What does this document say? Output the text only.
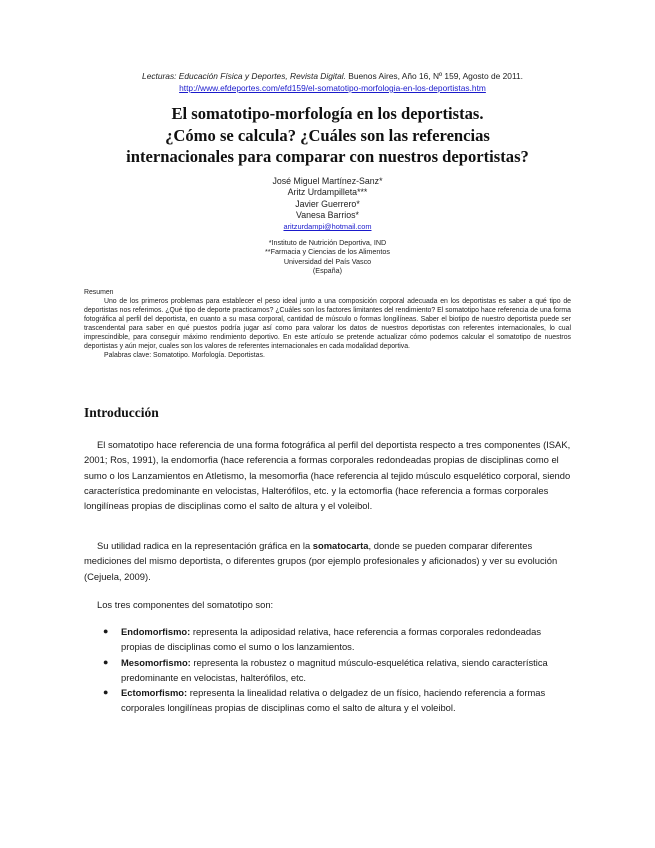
Lecturas: Educación Física y Deportes, Revista Digital. Buenos Aires, Año 16, Nº 159, Agosto de 2011. http://www.efdeportes.com/efd159/el-somatotipo-morfologia-en-los-deportistas.htm
El somatotipo-morfología en los deportistas.
¿Cómo se calcula? ¿Cuáles son las referencias
internacionales para comparar con nuestros deportistas?
José Miguel Martínez-Sanz*
Aritz Urdampilleta***
Javier Guerrero*
Vanesa Barrios*
aritzurdampi@hotmail.com
*Instituto de Nutrición Deportiva, IND
**Farmacia y Ciencias de los Alimentos
Universidad del País Vasco
(España)

Resumen

Uno de los primeros problemas para establecer el peso ideal junto a una composición corporal adecuada en los deportistas es saber a qué tipo de deportistas nos referimos. ¿Qué tipo de deporte practicamos? ¿Cuáles son los factores limitantes del rendimiento? El somatotipo hace referencia de una forma fotográfica al perfil del deportista, en cuanto a su masa corporal, cantidad de músculo o formas longilíneas. Saber el biotipo de nuestro deportista puede ser trascendental para saber en qué puestos podría jugar así como para valorar los datos de nuestros deportistas con referentes internacionales, lo cual imprescindible, para conseguir máximo rendimiento deportivo. En este artículo se pretende actualizar cómo podemos calcular el somatotipo de nuestros deportistas y aún mejor, cuales son los valores de referentes internacionales en cada modalidad deportiva.

Palabras clave: Somatotipo. Morfología. Deportistas.

Introducción

El somatotipo hace referencia de una forma fotográfica al perfil del deportista respecto a tres componentes (ISAK, 2001; Ros, 1991), la endomorfia (hace referencia a formas corporales redondeadas propias de disciplinas como el sumo o los Lanzamientos en Atletismo, la mesomorfia (hace referencia al tejido músculo esquelético corporal, siendo característica predominante en velocistas, Halterófilos, etc. y la ectomorfia (hace referencia a formas corporales longilíneas propias de disciplinas como el salto de altura y el voleibol.

Su utilidad radica en la representación gráfica en la somatocarta, donde se pueden comparar diferentes mediciones del mismo deportista, o diferentes grupos (por ejemplo profesionales y aficionados) y ver su evolución (Cejuela, 2009).

Los tres componentes del somatotipo son:

● Endomorfismo: representa la adiposidad relativa, hace referencia a formas corporales redondeadas propias de disciplinas como el sumo o los lanzamientos.
● Mesomorfismo: representa la robustez o magnitud músculo-esquelética relativa, siendo característica predominante en velocistas, halterófilos, etc.
● Ectomorfismo: representa la linealidad relativa o delgadez de un físico, haciendo referencia a formas corporales longilíneas propias de disciplinas como el salto de altura y el voleibol.
